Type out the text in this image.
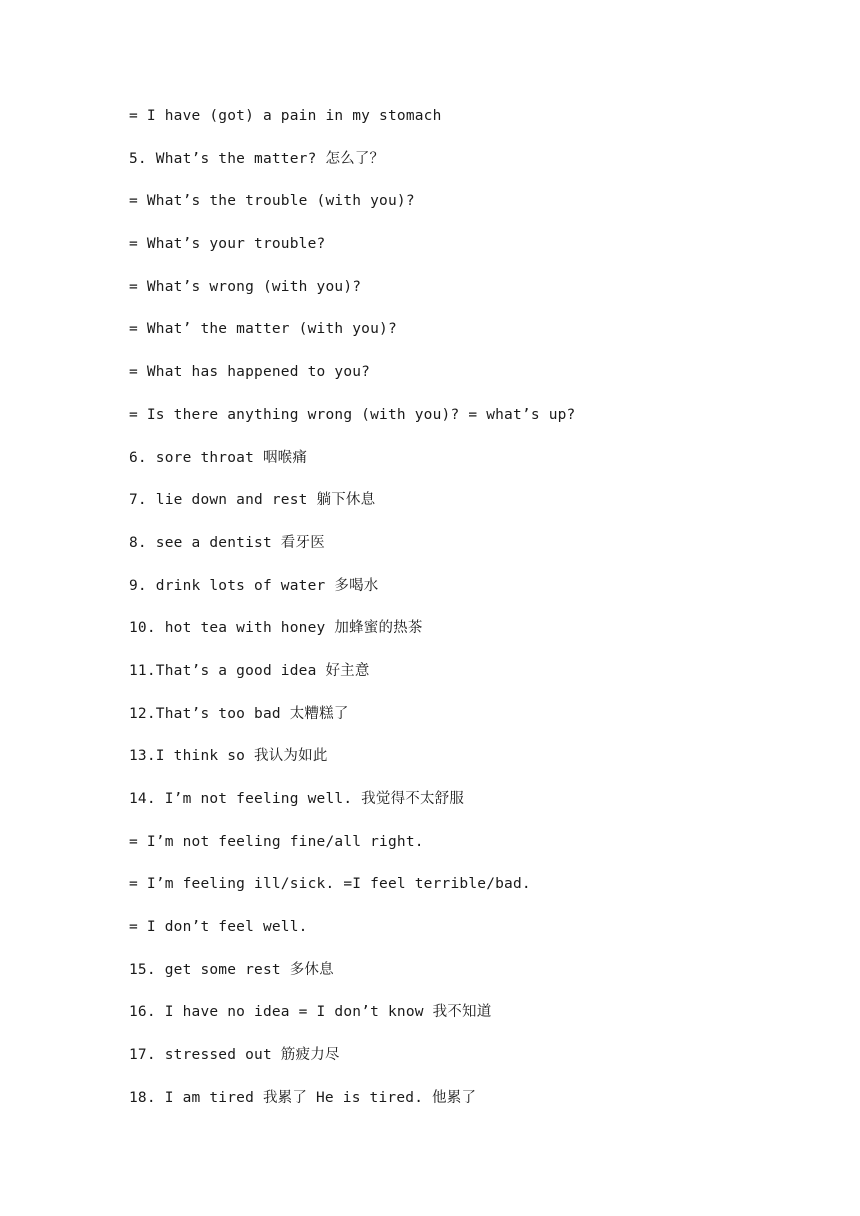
= I have (got) a pain in my stomach
5. What’s the matter? 怎么了？
= What’s the trouble (with you)?
= What’s your trouble?
= What’s wrong (with you)?
= What’ the matter (with you)?
= What has happened to you?
= Is there anything wrong (with you)? = what’s up?
6. sore throat 咽喉痛
7. lie down and rest 躺下休息
8. see a dentist 看牙医
9. drink lots of water 多喝水
10. hot tea with honey 加蜂蜜的热茶
11.That’s a good idea 好主意
12.That’s too bad 太糟糕了
13.I think so 我认为如此
14. I’m not feeling well. 我觉得不太舒服
= I’m not feeling fine/all right.
= I’m feeling ill/sick. =I feel terrible/bad.
= I don’t feel well.
15. get some rest 多休息
16. I have no idea = I don’t know 我不知道
17. stressed out 筋疲力尽
18. I am tired 我累了 He is tired. 他累了
